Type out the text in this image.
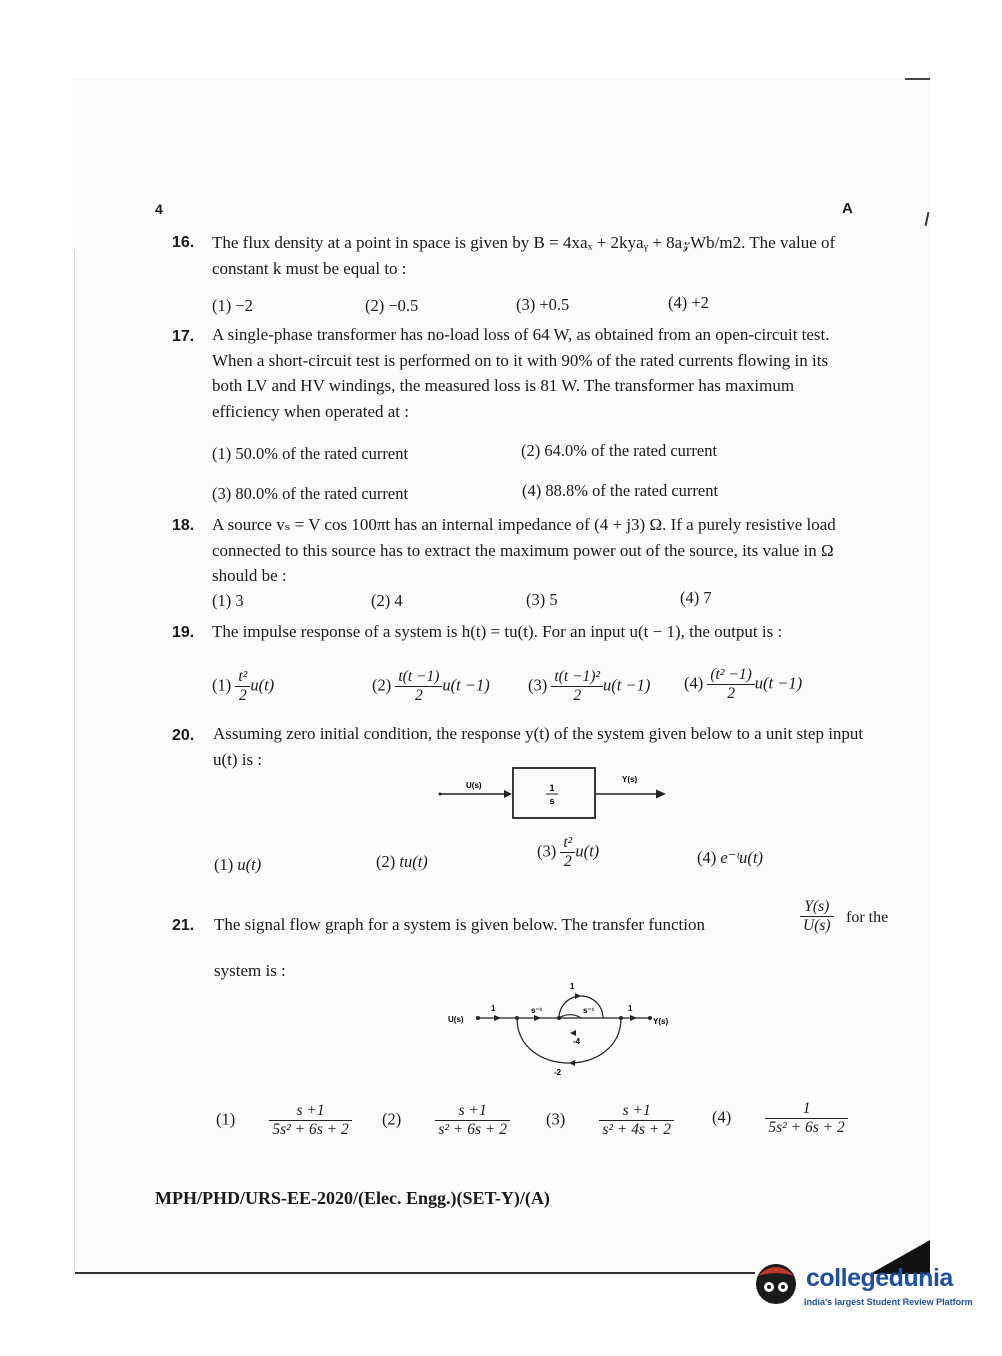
4	A
16. The flux density at a point in space is given by B = 4xaₓ + 2kyaᵧ + 8a𝓏Wb/m2. The value of constant k must be equal to :
(1) −2	(2) −0.5	(3) +0.5	(4) +2
17. A single-phase transformer has no-load loss of 64 W, as obtained from an open-circuit test. When a short-circuit test is performed on to it with 90% of the rated currents flowing in its both LV and HV windings, the measured loss is 81 W. The transformer has maximum efficiency when operated at :
(1) 50.0% of the rated current	(2) 64.0% of the rated current
(3) 80.0% of the rated current	(4) 88.8% of the rated current
18. A source vₛ = V cos 100πt has an internal impedance of (4 + j3) Ω. If a purely resistive load connected to this source has to extract the maximum power out of the source, its value in Ω should be :
(1) 3	(2) 4	(3) 5	(4) 7
19. The impulse response of a system is h(t) = tu(t). For an input u(t − 1), the output is :
$(1) \frac{\text{t²}}{2} u(t)$	$(2) \frac{t(t -1)}{2} u(t -1)$ $(3) \frac{\text{t(t −1)²}}{2} u(t -1)$ $(4) \frac{\text{(t² −1)}}{2} u(t -1)$
20. Assuming zero initial condition, the response y(t) of the system given below to a unit step input u(t) is :
U(s)	1
s
Y(s)
(1) u(t)	(2) tu(t)
$(3) \frac{\text{t²}}{2} u(t)$	(4) e⁻ᵗu(t)
21. The signal flow graph for a system is given below. The transfer function	$\frac{Y(s)}{U(s)}$ for the
system is :
U(s)	Y(s)
1	s⁻¹	s⁻¹	1
1
-4
-2
$(1) \frac{s +1}{\text{5s² + 6s + 2}} (2) \frac{s +1}{\text{s² + 6s + 2}} (3) \frac{s +1}{\text{s² + 4s + 2}} (4) \frac{1}{\text{5s² + 6s + 2}}$
MPH/PHD/URS-EE-2020/(Elec. Engg.)(SET-Y)/(A)
collegedunia
India's largest Student Review Platform
